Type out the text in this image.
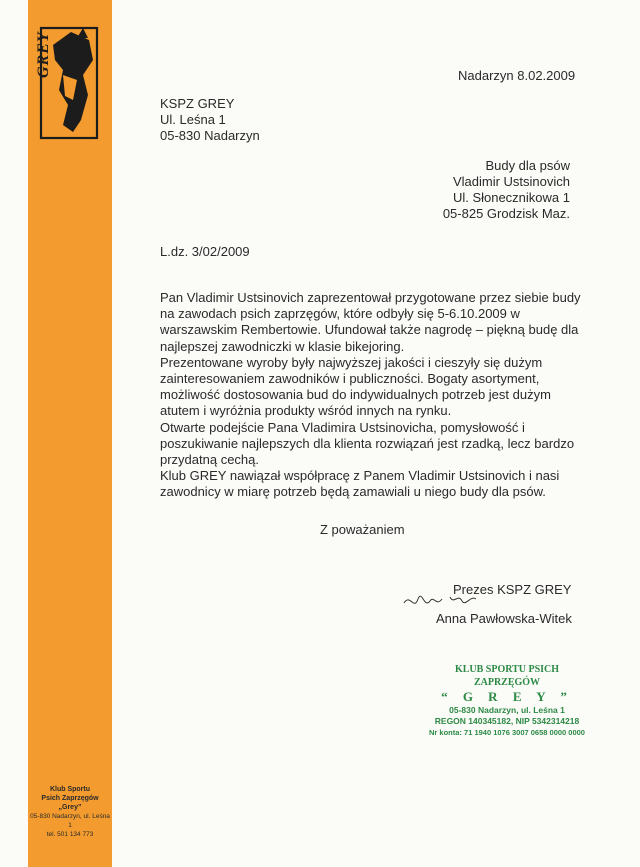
GREY
Klub Sportu
Psich Zaprzęgów
„Grey”
05-830 Nadarzyn, ul. Leśna 1
tel. 501 134 773
Nadarzyn 8.02.2009
KSPZ GREY
Ul. Leśna 1
05-830 Nadarzyn
Budy dla psów
Vladimir Ustsinovich
Ul. Słonecznikowa 1
05-825 Grodzisk Maz.
L.dz. 3/02/2009
Pan Vladimir Ustsinovich zaprezentował przygotowane przez siebie budy
na zawodach psich zaprzęgów, które odbyły się 5-6.10.2009 w
warszawskim Rembertowie. Ufundował także nagrodę – piękną budę dla
najlepszej zawodniczki w klasie bikejoring.
Prezentowane wyroby były najwyższej jakości i cieszyły się dużym
zainteresowaniem zawodników i publiczności. Bogaty asortyment,
możliwość dostosowania bud do indywidualnych potrzeb jest dużym
atutem i wyróżnia produkty wśród innych na rynku.
Otwarte podejście Pana Vladimira Ustsinovicha, pomysłowość i
poszukiwanie najlepszych dla klienta rozwiązań jest rzadką, lecz bardzo
przydatną cechą.
Klub GREY nawiązał współpracę z Panem Vladimir Ustsinovich i nasi
zawodnicy w miarę potrzeb będą zamawiali u niego budy dla psów.
Z poważaniem
Prezes KSPZ GREY
Anna Pawłowska-Witek
KLUB SPORTU PSICH ZAPRZĘGÓW
“ G R E Y ”
05-830 Nadarzyn, ul. Leśna 1
REGON 140345182, NIP 5342314218
Nr konta: 71 1940 1076 3007 0658 0000 0000
